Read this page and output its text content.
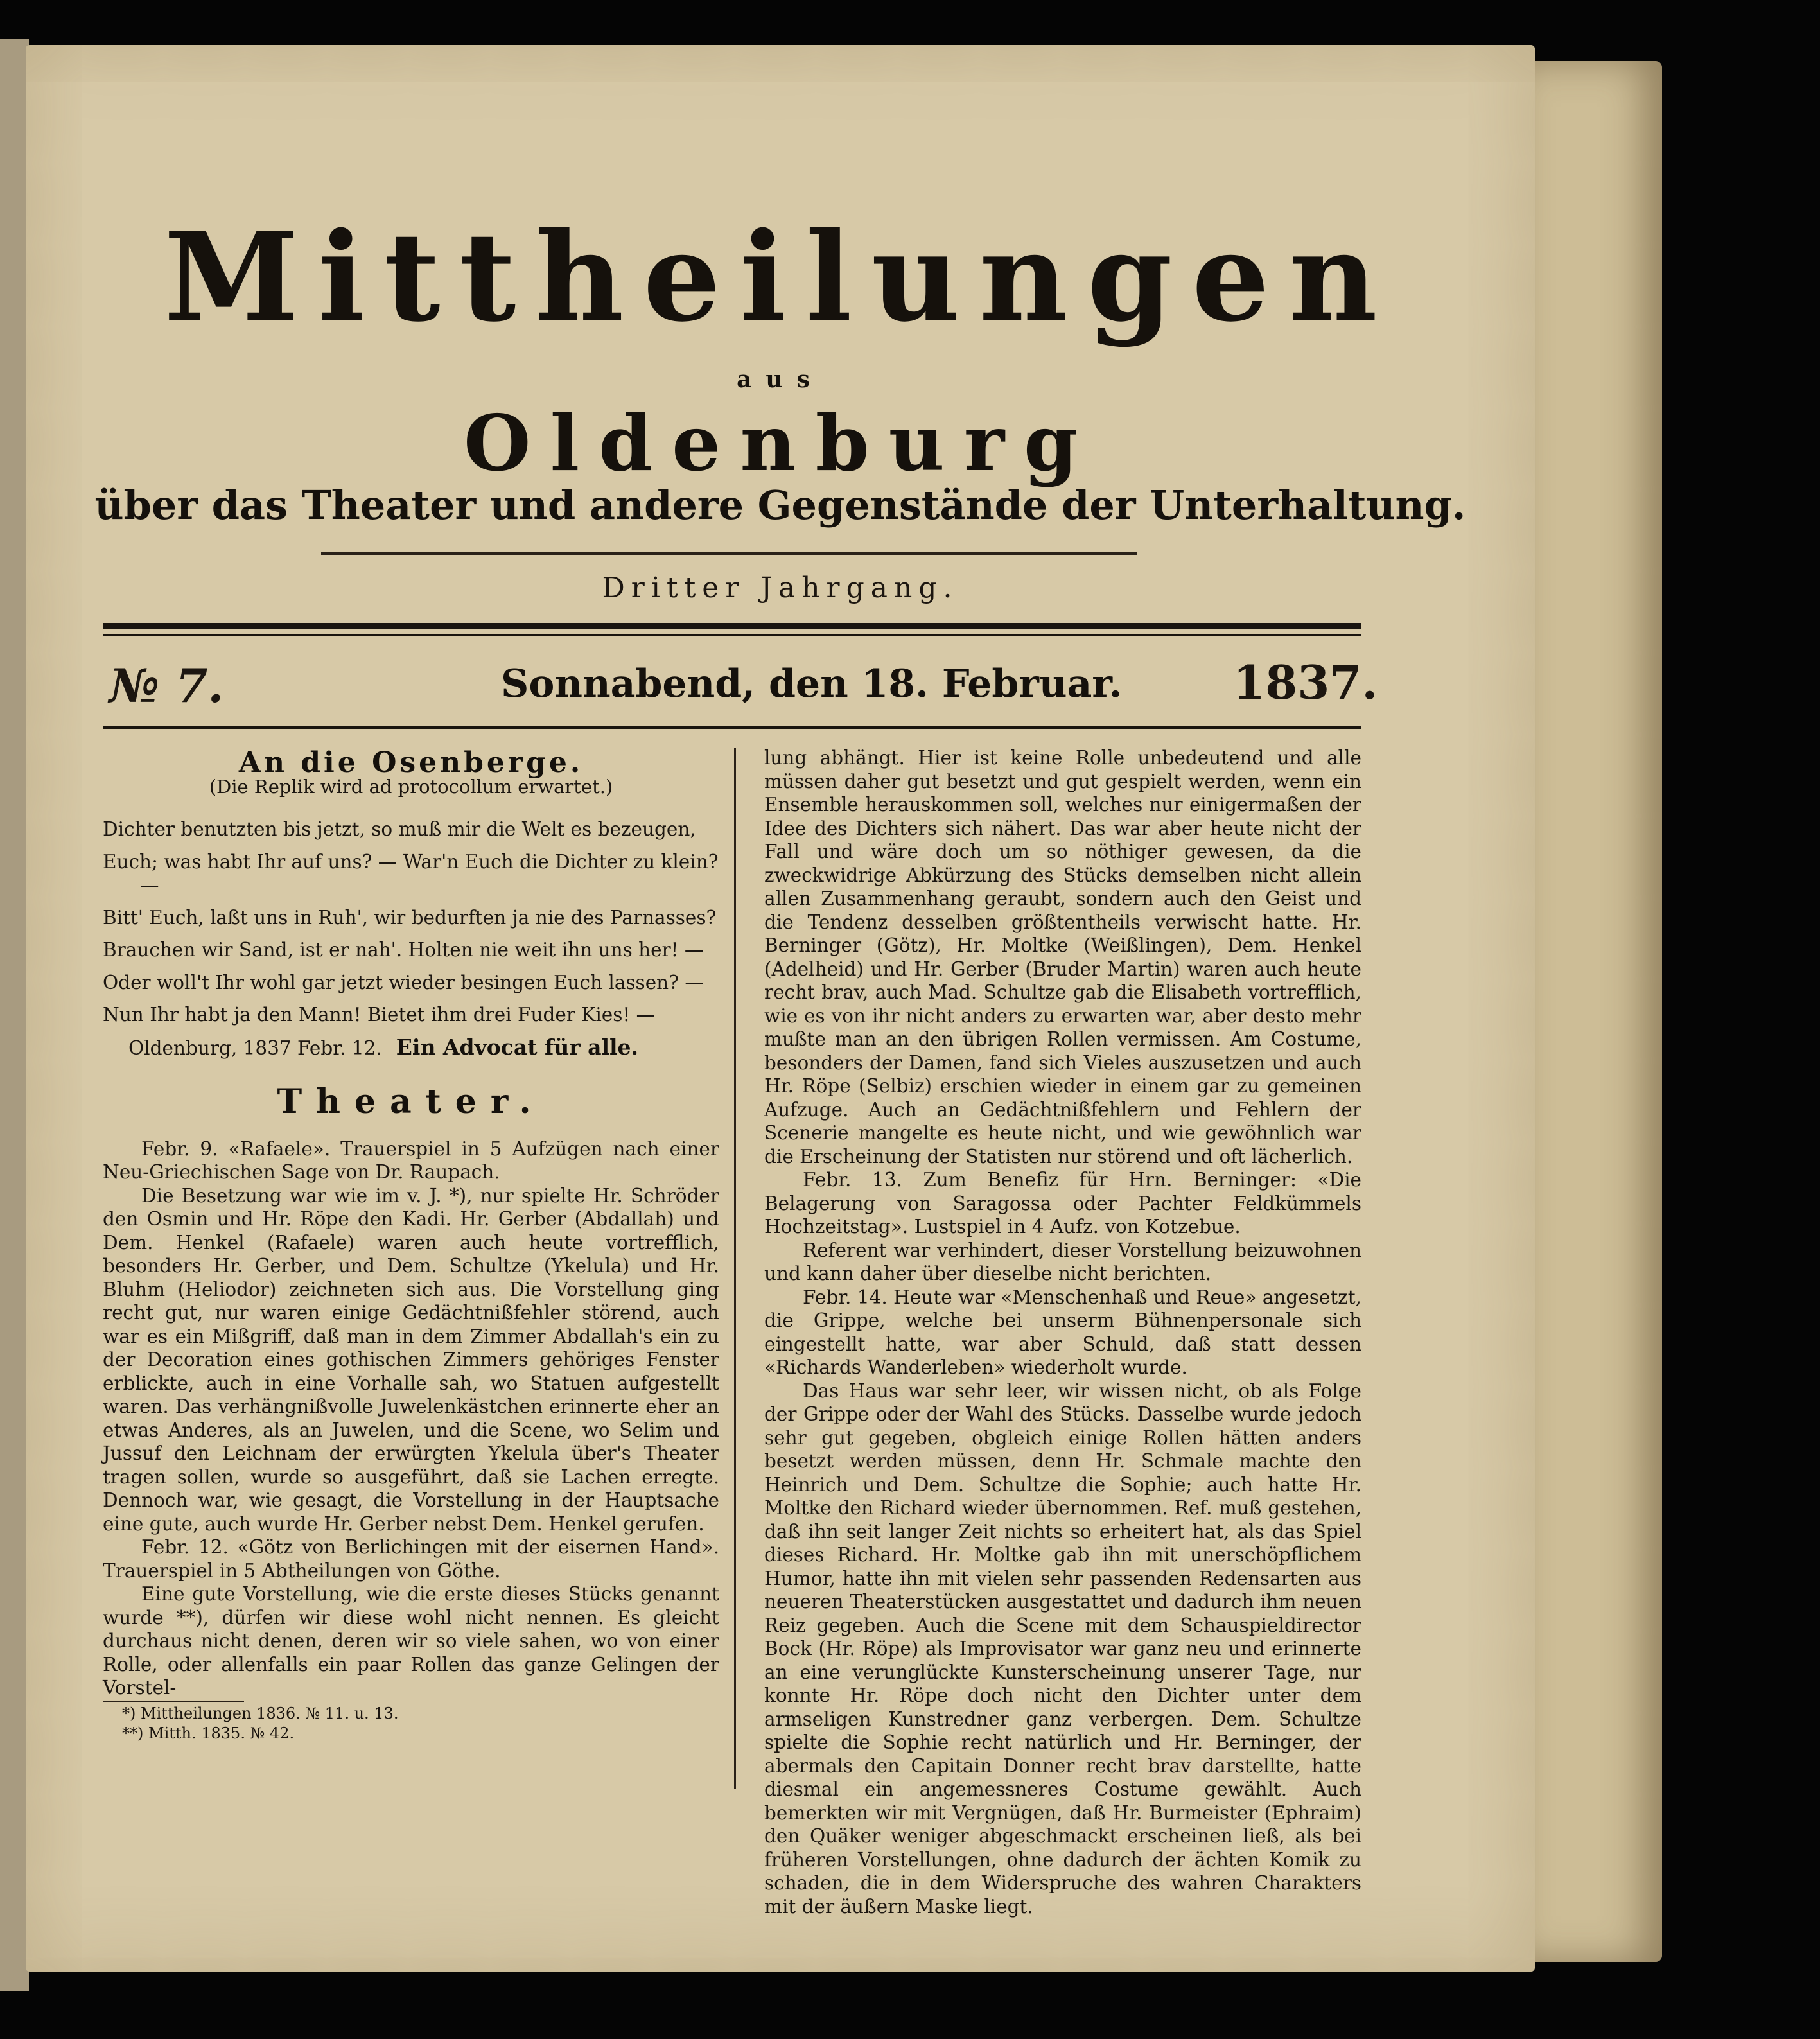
Mittheilungen
aus
Oldenburg
über das Theater und andere Gegenstände der Unterhaltung.
Dritter Jahrgang.
№ 7.	Sonnabend, den 18. Februar. 1837.

An die Osenberge.

(Die Replik wird ad protocollum erwartet.)

Dichter benutzten bis jetzt, so muß mir die Welt es bezeugen,

Euch; was habt Ihr auf uns? — War'n Euch die Dichter zu klein? —

Bitt' Euch, laßt uns in Ruh', wir bedurften ja nie des Parnasses?

Brauchen wir Sand, ist er nah'. Holten nie weit ihn uns her! —

Oder woll't Ihr wohl gar jetzt wieder besingen Euch lassen? —

Nun Ihr habt ja den Mann! Bietet ihm drei Fuder Kies! —

Oldenburg, 1837 Febr. 12. Ein Advocat für alle.

Theater.

Febr. 9. «Rafaele». Trauerspiel in 5 Aufzügen nach einer Neu-Griechischen Sage von Dr. Raupach.

Die Besetzung war wie im v. J. *), nur spielte Hr. Schröder den Osmin und Hr. Röpe den Kadi. Hr. Gerber (Abdallah) und Dem. Henkel (Rafaele) waren auch heute vortrefflich, besonders Hr. Gerber, und Dem. Schultze (Ykelula) und Hr. Bluhm (Heliodor) zeichneten sich aus. Die Vorstellung ging recht gut, nur waren einige Gedächtnißfehler störend, auch war es ein Mißgriff, daß man in dem Zimmer Abdallah's ein zu der Decoration eines gothischen Zimmers gehöriges Fenster erblickte, auch in eine Vorhalle sah, wo Statuen aufgestellt waren. Das verhängnißvolle Juwelenkästchen erinnerte eher an etwas Anderes, als an Juwelen, und die Scene, wo Selim und Jussuf den Leichnam der erwürgten Ykelula über's Theater tragen sollen, wurde so ausgeführt, daß sie Lachen erregte. Dennoch war, wie gesagt, die Vorstellung in der Hauptsache eine gute, auch wurde Hr. Gerber nebst Dem. Henkel gerufen.

Febr. 12. «Götz von Berlichingen mit der eisernen Hand». Trauerspiel in 5 Abtheilungen von Göthe.

Eine gute Vorstellung, wie die erste dieses Stücks genannt wurde **), dürfen wir diese wohl nicht nennen. Es gleicht durchaus nicht denen, deren wir so viele sahen, wo von einer Rolle, oder allenfalls ein paar Rollen das ganze Gelingen der Vorstel-

*) Mittheilungen 1836. № 11. u. 13.

**) Mitth. 1835. № 42.

lung abhängt. Hier ist keine Rolle unbedeutend und alle müssen daher gut besetzt und gut gespielt werden, wenn ein Ensemble herauskommen soll, welches nur einigermaßen der Idee des Dichters sich nähert. Das war aber heute nicht der Fall und wäre doch um so nöthiger gewesen, da die zweckwidrige Abkürzung des Stücks demselben nicht allein allen Zusammenhang geraubt, sondern auch den Geist und die Tendenz desselben größtentheils verwischt hatte. Hr. Berninger (Götz), Hr. Moltke (Weißlingen), Dem. Henkel (Adelheid) und Hr. Gerber (Bruder Martin) waren auch heute recht brav, auch Mad. Schultze gab die Elisabeth vortrefflich, wie es von ihr nicht anders zu erwarten war, aber desto mehr mußte man an den übrigen Rollen vermissen. Am Costume, besonders der Damen, fand sich Vieles auszusetzen und auch Hr. Röpe (Selbiz) erschien wieder in einem gar zu gemeinen Aufzuge. Auch an Gedächtnißfehlern und Fehlern der Scenerie mangelte es heute nicht, und wie gewöhnlich war die Erscheinung der Statisten nur störend und oft lächerlich.

Febr. 13. Zum Benefiz für Hrn. Berninger: «Die Belagerung von Saragossa oder Pachter Feldkümmels Hochzeitstag». Lustspiel in 4 Aufz. von Kotzebue.

Referent war verhindert, dieser Vorstellung beizuwohnen und kann daher über dieselbe nicht berichten.

Febr. 14. Heute war «Menschenhaß und Reue» angesetzt, die Grippe, welche bei unserm Bühnenpersonale sich eingestellt hatte, war aber Schuld, daß statt dessen «Richards Wanderleben» wiederholt wurde.

Das Haus war sehr leer, wir wissen nicht, ob als Folge der Grippe oder der Wahl des Stücks. Dasselbe wurde jedoch sehr gut gegeben, obgleich einige Rollen hätten anders besetzt werden müssen, denn Hr. Schmale machte den Heinrich und Dem. Schultze die Sophie; auch hatte Hr. Moltke den Richard wieder übernommen. Ref. muß gestehen, daß ihn seit langer Zeit nichts so erheitert hat, als das Spiel dieses Richard. Hr. Moltke gab ihn mit unerschöpflichem Humor, hatte ihn mit vielen sehr passenden Redensarten aus neueren Theaterstücken ausgestattet und dadurch ihm neuen Reiz gegeben. Auch die Scene mit dem Schauspieldirector Bock (Hr. Röpe) als Improvisator war ganz neu und erinnerte an eine verunglückte Kunsterscheinung unserer Tage, nur konnte Hr. Röpe doch nicht den Dichter unter dem armseligen Kunstredner ganz verbergen. Dem. Schultze spielte die Sophie recht natürlich und Hr. Berninger, der abermals den Capitain Donner recht brav darstellte, hatte diesmal ein angemessneres Costume gewählt. Auch bemerkten wir mit Vergnügen, daß Hr. Burmeister (Ephraim) den Quäker weniger abgeschmackt erscheinen ließ, als bei früheren Vorstellungen, ohne dadurch der ächten Komik zu schaden, die in dem Widerspruche des wahren Charakters mit der äußern Maske liegt.
